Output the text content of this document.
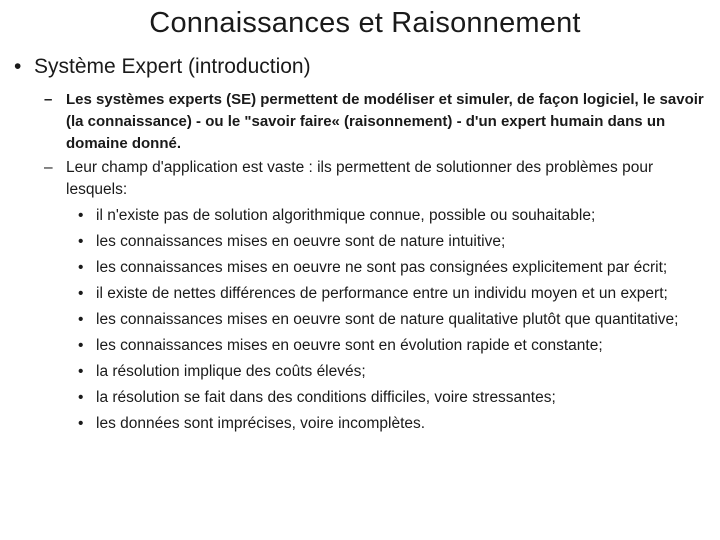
Connaissances et Raisonnement
• Système Expert (introduction)
– Les systèmes experts (SE) permettent de modéliser et simuler, de façon logiciel, le savoir (la connaissance) - ou le "savoir faire« (raisonnement) - d'un expert humain dans un domaine donné.
– Leur champ d'application est vaste : ils permettent de solutionner des problèmes pour lesquels:
• il n'existe pas de solution algorithmique connue, possible ou souhaitable;
• les connaissances mises en oeuvre sont de nature intuitive;
• les connaissances mises en oeuvre ne sont pas consignées explicitement par écrit;
• il existe de nettes différences de performance entre un individu moyen et un expert;
• les connaissances mises en oeuvre sont de nature qualitative plutôt que quantitative;
• les connaissances mises en oeuvre sont en évolution rapide et constante;
• la résolution implique des coûts élevés;
• la résolution se fait dans des conditions difficiles, voire stressantes;
• les données sont imprécises, voire incomplètes.
